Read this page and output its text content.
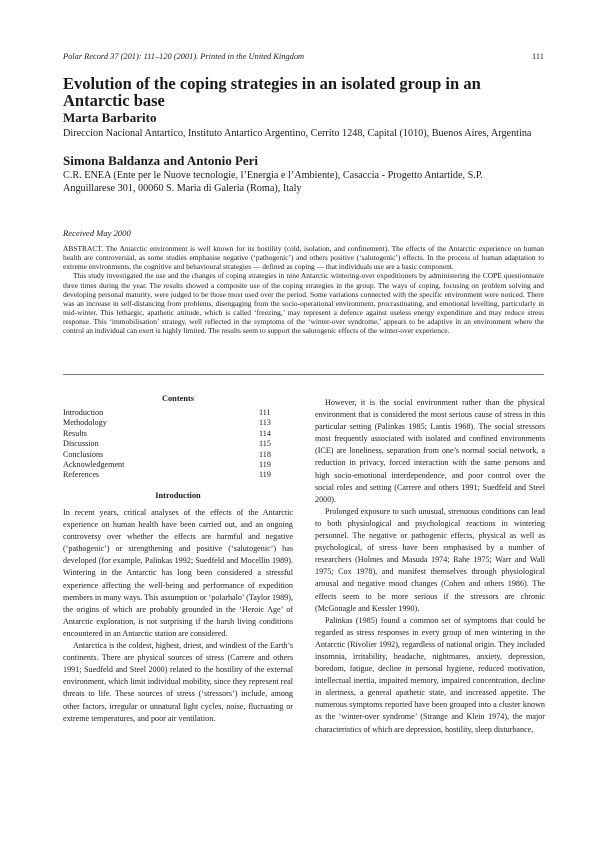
Polar Record 37 (201): 111–120 (2001). Printed in the United Kingdom	111
Evolution of the coping strategies in an isolated group in an Antarctic base
Marta Barbarito

Direccion Nacional Antartico, Instituto Antartico Argentino, Cerrito 1248, Capital (1010), Buenos Aires, Argentina

Simona Baldanza and Antonio Peri

C.R. ENEA (Ente per le Nuove tecnologie, l’Energia e l’Ambiente), Casaccia - Progetto Antartide, S.P. Anguillarese 301, 00060 S. Maria di Galeria (Roma), Italy

Received May 2000

ABSTRACT. The Antarctic environment is well known for its hostility (cold, isolation, and confinement). The effects of the Antarctic experience on human health are controversial, as some studies emphasise negative (‘pathogenic’) and others positive (‘salutogenic’) effects. In the process of human adaptation to extreme environments, the cognitive and behavioural strategies — defined as coping — that individuals use are a basic component.

This study investigated the use and the changes of coping strategies in nine Antarctic wintering-over expeditioners by administering the COPE questionnaire three times during the year. The results showed a composite use of the coping strategies in the group. The ways of coping, focusing on problem solving and developing personal maturity, were judged to be those most used over the period. Some variations connected with the specific environment were noticed. There was an increase in self-distancing from problems, disengaging from the socio-operational environment, procrastinating, and emotional levelling, particularly in mid-winter. This lethargic, apathetic attitude, which is called ‘freezing,’ may represent a defence against useless energy expenditure and may reduce stress response. This ‘immobilisation’ strategy, well reflected in the symptoms of the ‘winter-over syndrome,’ appears to be adaptive in an environment where the control an individual can exert is highly limited. The results seem to support the salutogenic effects of the winter-over experience.

Contents
Introduction	111
Methodology	113
Results	114
Discussion	115
Conclusions	118
Acknowledgement	119
References	119
Introduction

In recent years, critical analyses of the effects of the Antarctic experience on human health have been carried out, and an ongoing controversy over whether the effects are harmful and negative (‘pathogenic’) or strengthening and positive (‘salutogenic’) has developed (for example, Palinkas 1992; Suedfeld and Mocellin 1989). Wintering in the Antarctic has long been considered a stressful experience affecting the well-being and performance of expedition members in many ways. This assumption or ‘polarhalo’ (Taylor 1989), the origins of which are probably grounded in the ‘Heroic Age’ of Antarctic exploration, is not surprising if the harsh living conditions encountered in an Antarctic station are considered.

Antarctica is the coldest, highest, driest, and windiest of the Earth’s continents. There are physical sources of stress (Carrere and others 1991; Suedfeld and Steel 2000) related to the hostility of the external environment, which limit individual mobility, since they represent real threats to life. These sources of stress (‘stressors’) include, among other factors, irregular or unnatural light cycles, noise, fluctuating or extreme temperatures, and poor air ventilation.

However, it is the social environment rather than the physical environment that is considered the most serious cause of stress in this particular setting (Palinkas 1985; Lantis 1968). The social stressors most frequently associated with isolated and confined environments (ICE) are loneliness, separation from one’s normal social network, a reduction in privacy, forced interaction with the same persons and high socio-emotional interdependence, and poor control over the social roles and setting (Carrere and others 1991; Suedfeld and Steel 2000).

Prolonged exposure to such unusual, strenuous conditions can lead to both physiological and psychological reactions in wintering personnel. The negative or pathogenic effects, physical as well as psychological, of stress have been emphasised by a number of researchers (Holmes and Masuda 1974; Rahe 1975; Warr and Wall 1975; Cox 1978), and manifest themselves through physiological arousal and negative mood changes (Cohen and others 1986). The effects seem to be more serious if the stressors are chronic (McGonagle and Kessler 1990).

Palinkas (1985) found a common set of symptoms that could be regarded as stress responses in every group of men wintering in the Antarctic (Rivolier 1992), regardless of national origin. They included insomnia, irritability, headache, nightmares, anxiety, depression, boredom, fatigue, decline in personal hygiene, reduced motivation, intellectual inertia, impaired memory, impaired concentration, decline in alertness, a general apathetic state, and increased appetite. The numerous symptoms reported have been grouped into a cluster known as the ‘winter-over syndrome’ (Strange and Klein 1974), the major characteristics of which are depression, hostility, sleep disturbance,
